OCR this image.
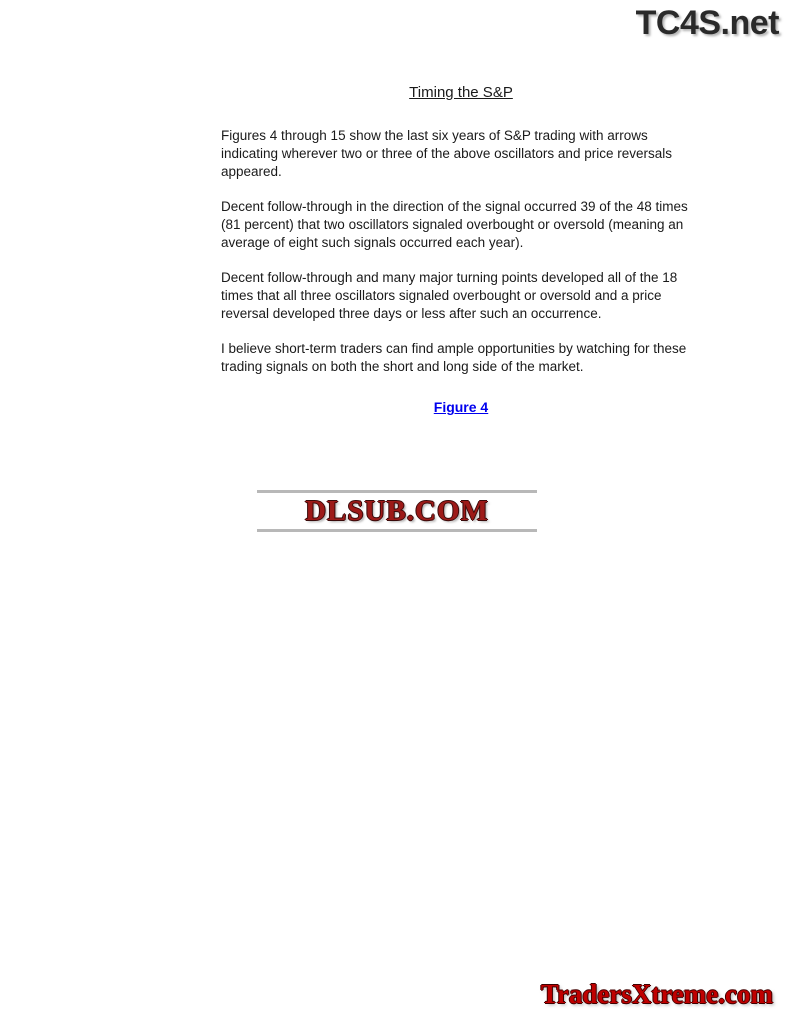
TC4S.net
Timing the S&P

Figures 4 through 15 show the last six years of S&P trading with arrows indicating wherever two or three of the above oscillators and price reversals appeared.

Decent follow-through in the direction of the signal occurred 39 of the 48 times (81 percent) that two oscillators signaled overbought or oversold (meaning an average of eight such signals occurred each year).

Decent follow-through and many major turning points developed all of the 18 times that all three oscillators signaled overbought or oversold and a price reversal developed three days or less after such an occurrence.

I believe short-term traders can find ample opportunities by watching for these trading signals on both the short and long side of the market.

Figure 4
DLSUB.COM
TradersXtreme.com
